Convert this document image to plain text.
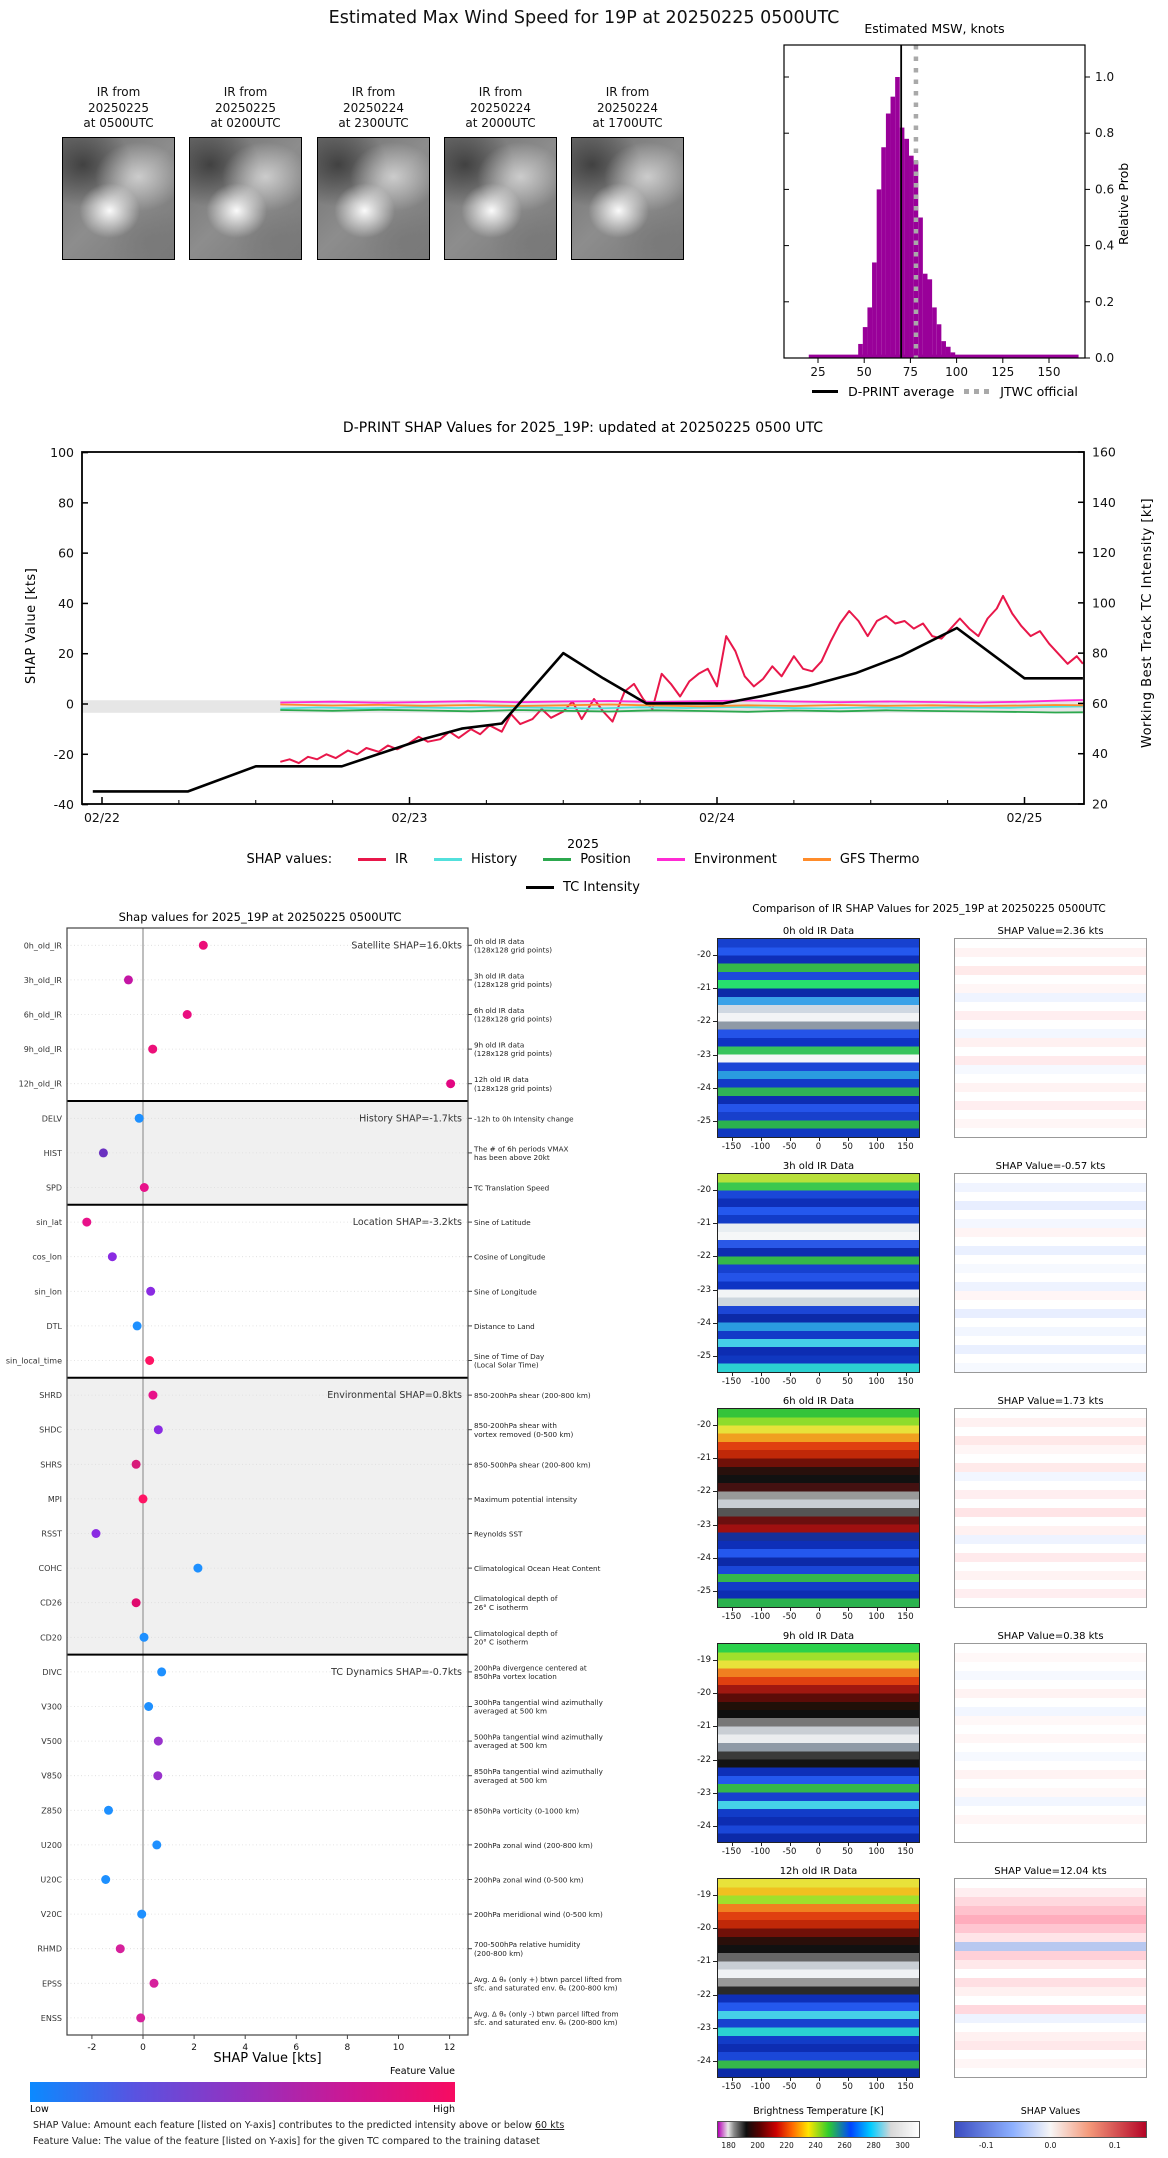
Estimated Max Wind Speed for 19P at 20250225 0500UTC
IR from
20250225
at 0500UTC
IR from
20250225
at 0200UTC
IR from
20250224
at 2300UTC
IR from
20250224
at 2000UTC
IR from
20250224
at 1700UTC
Estimated MSW, knots
Relative Prob
25	50	75 100 125 150
0.0
0.2
0.4
0.6
0.8
1.0
D-PRINT average	JTWC official
D-PRINT SHAP Values for 2025_19P: updated at 20250225 0500 UTC
SHAP Value [kts]	Working Best Track TC Intensity [kt]
100
80
60
40
20
0
-20
-40
160
140
120
100
80
60
40
20
02/22	02/23	02/24	02/25
2025
SHAP values:	IR	History	Position	Environment	GFS Thermo
TC Intensity
Shap values for 2025_19P at 20250225 0500UTC
Satellite SHAP=16.0kts
History SHAP=-1.7kts
Location SHAP=-3.2kts
Environmental SHAP=0.8kts
TC Dynamics SHAP=-0.7kts
0h_old_IR	0h old IR data (128x128 grid points)
3h_old_IR	3h old IR data (128x128 grid points)
6h_old_IR	6h old IR data (128x128 grid points)
9h_old_IR	9h old IR data (128x128 grid points)
12h_old_IR	12h old IR data (128x128 grid points)
DELV	-12h to 0h Intensity change
HIST	The # of 6h periods VMAX has been above 20kt
SPD	TC Translation Speed
sin_lat	Sine of Latitude
cos_lon	Cosine of Longitude
sin_lon	Sine of Longitude
DTL	Distance to Land
sin_local_time	Sine of Time of Day (Local Solar Time)
SHRD	850-200hPa shear (200-800 km)
SHDC	850-200hPa shear with vortex removed (0-500 km)
SHRS	850-500hPa shear (200-800 km)
MPI	Maximum potential intensity
RSST	Reynolds SST
COHC	Climatological Ocean Heat Content
CD26	Climatological depth of 26° C isotherm
CD20	Climatological depth of 20° C isotherm
DIVC	200hPa divergence centered at 850hPa vortex location
V300	300hPa tangential wind azimuthally averaged at 500 km
V500	500hPa tangential wind azimuthally averaged at 500 km
V850	850hPa tangential wind azimuthally averaged at 500 km
Z850	850hPa vorticity (0-1000 km)
U200	200hPa zonal wind (200-800 km)
U20C	200hPa zonal wind (0-500 km)
V20C	200hPa meridional wind (0-500 km)
RHMD	700-500hPa relative humidity (200-800 km)
EPSS	Avg. Δ θₑ (only +) btwn parcel lifted from sfc. and saturated env. θₑ (200-800 km)
ENSS	Avg. Δ θₑ (only -) btwn parcel lifted from sfc. and saturated env. θₑ (200-800 km)
-2	0	2	4	6	8	10	12
SHAP Value [kts]
Feature Value
Low	High
SHAP Value: Amount each feature [listed on Y-axis] contributes to the predicted intensity above or below 60 kts
Feature Value: The value of the feature [listed on Y-axis] for the given TC compared to the training dataset
Comparison of IR SHAP Values for 2025_19P at 20250225 0500UTC
0h old IR Data
-20
-21
-22
-23
-24
-25
-150	-100	-50	0	50	100	150
SHAP Value=2.36 kts
3h old IR Data
-20
-21
-22
-23
-24
-25
-150	-100	-50	0	50	100	150
SHAP Value=-0.57 kts
6h old IR Data
-20
-21
-22
-23
-24
-25
-150	-100	-50	0	50	100	150
SHAP Value=1.73 kts
9h old IR Data
-19
-20
-21
-22
-23
-24
-150	-100	-50	0	50	100	150
SHAP Value=0.38 kts
12h old IR Data
-19
-20
-21
-22
-23
-24
-150	-100	-50	0	50	100	150
SHAP Value=12.04 kts
Brightness Temperature [K]
180	200	220	240	260	280	300
SHAP Values
-0.1	0.0	0.1
